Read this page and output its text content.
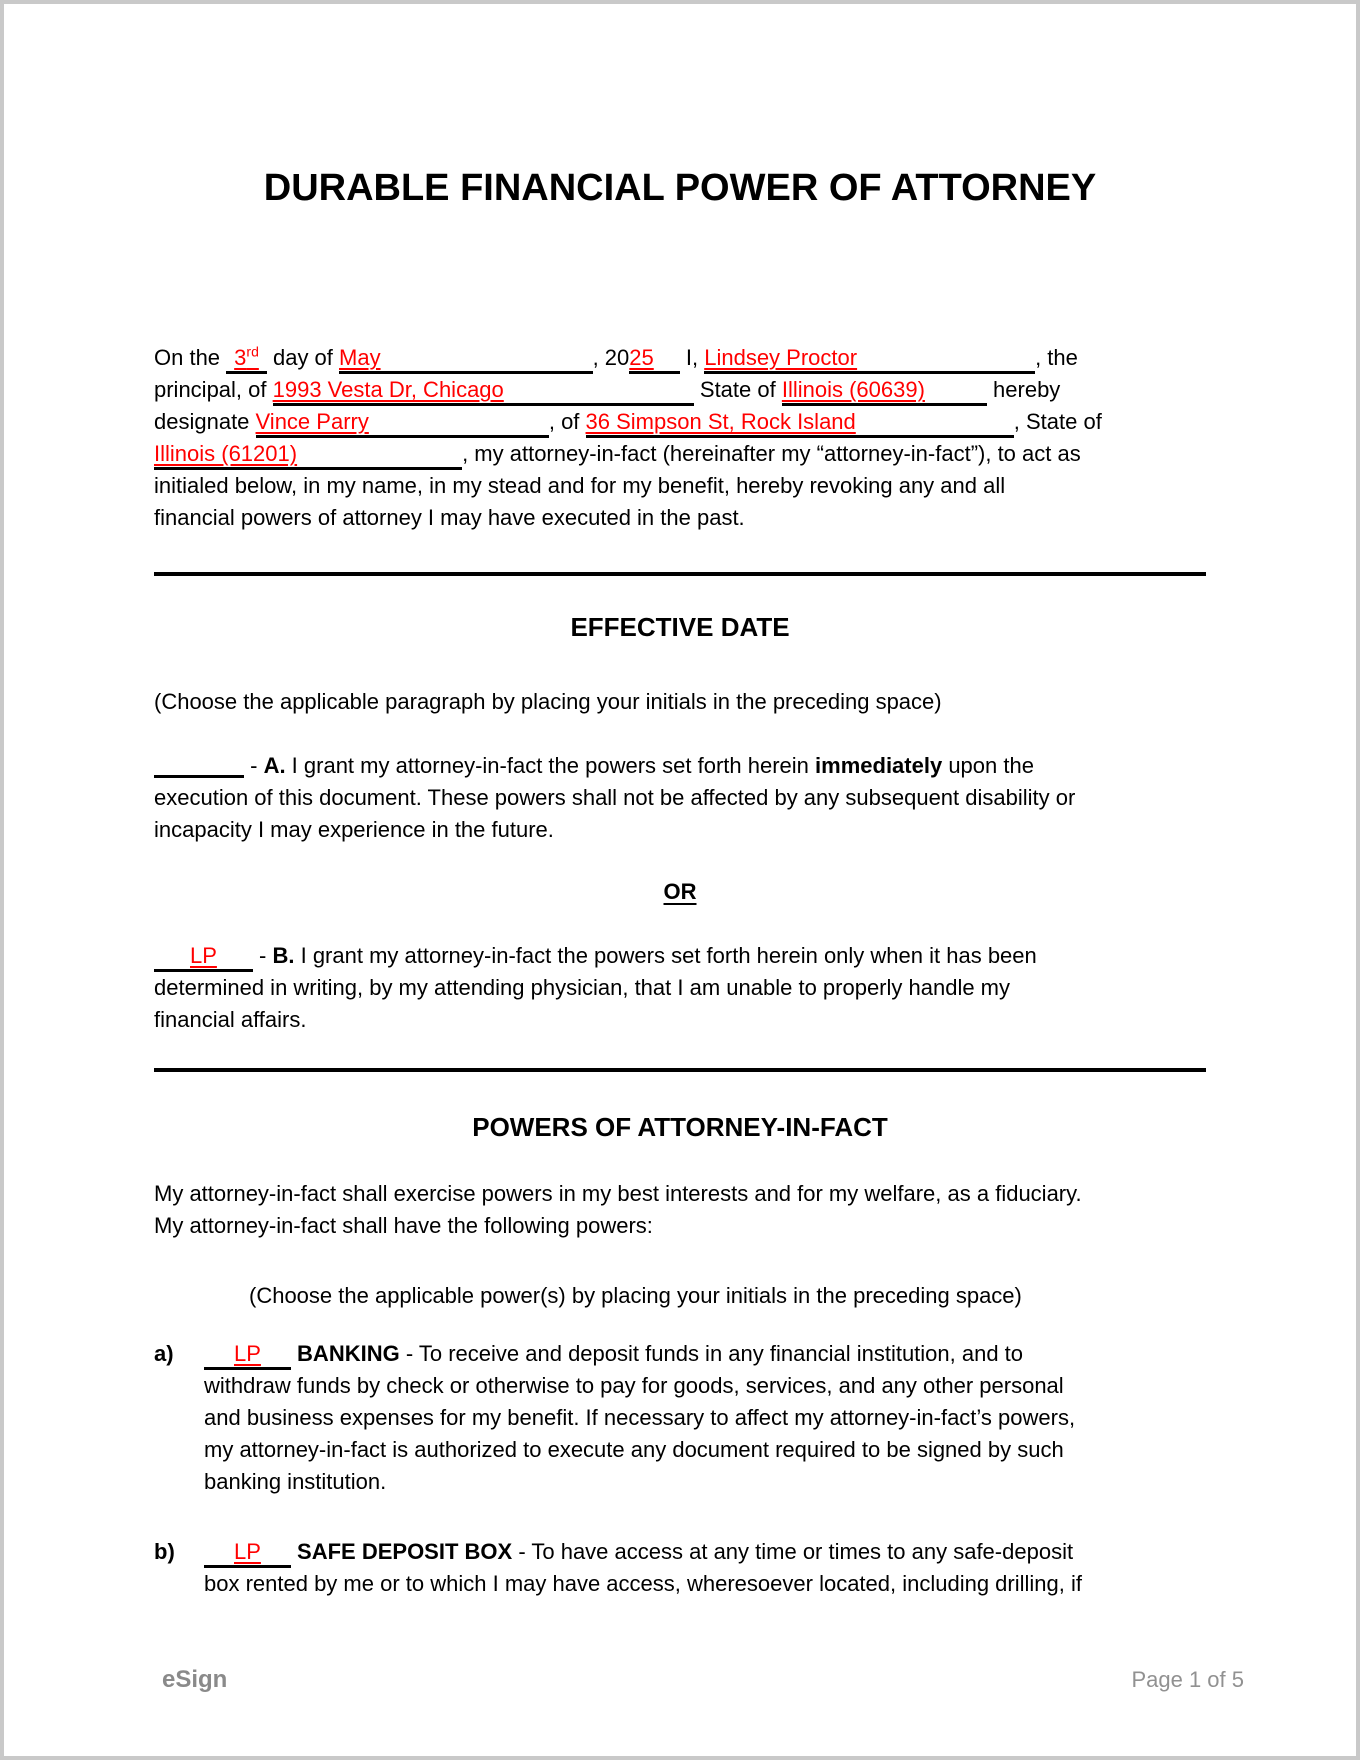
DURABLE FINANCIAL POWER OF ATTORNEY
On the 3rd day of May	, 2025 I, Lindsey Proctor	, the
principal, of 1993 Vesta Dr, Chicago	State of Illinois (60639)	hereby
designate Vince Parry	, of 36 Simpson St, Rock Island	, State of
Illinois (61201)	, my attorney-in-fact (hereinafter my “attorney-in-fact”), to act as
initialed below, in my name, in my stead and for my benefit, hereby revoking any and all
financial powers of attorney I may have executed in the past.
EFFECTIVE DATE
(Choose the applicable paragraph by placing your initials in the preceding space)
- A. I grant my attorney-in-fact the powers set forth herein immediately upon the
execution of this document. These powers shall not be affected by any subsequent disability or
incapacity I may experience in the future.
OR
LP - B. I grant my attorney-in-fact the powers set forth herein only when it has been
determined in writing, by my attending physician, that I am unable to properly handle my
financial affairs.
POWERS OF ATTORNEY-IN-FACT
My attorney-in-fact shall exercise powers in my best interests and for my welfare, as a fiduciary.
My attorney-in-fact shall have the following powers:
(Choose the applicable power(s) by placing your initials in the preceding space)
a)	LP BANKING - To receive and deposit funds in any financial institution, and to
withdraw funds by check or otherwise to pay for goods, services, and any other personal
and business expenses for my benefit. If necessary to affect my attorney-in-fact’s powers,
my attorney-in-fact is authorized to execute any document required to be signed by such
banking institution.
b)	LP SAFE DEPOSIT BOX - To have access at any time or times to any safe-deposit
box rented by me or to which I may have access, wheresoever located, including drilling, if
eSign	Page 1 of 5
